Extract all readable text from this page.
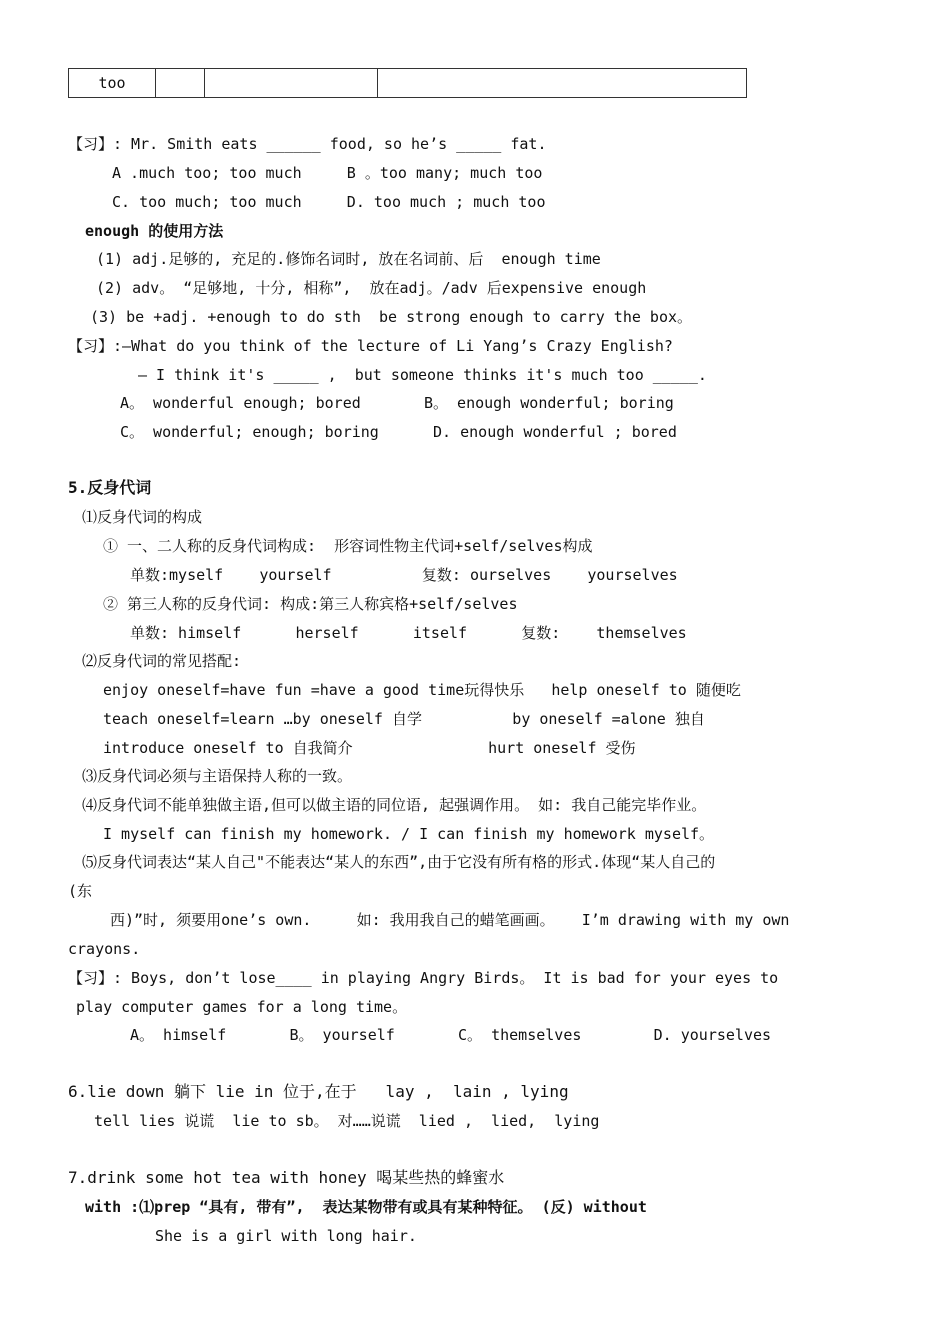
too			
【习】: Mr. Smith eats ______ food, so he’s _____ fat.
A .much too; too much     B 。too many; much too
C. too much; too much     D. too much ; much too
enough 的使用方法
(1) adj.足够的, 充足的.修饰名词时, 放在名词前、后  enough time
(2) adv。 “足够地, 十分, 相称”,  放在adj。/adv 后expensive enough
(3) be +adj. +enough to do sth  be strong enough to carry the box。
【习】:—What do you think of the lecture of Li Yang’s Crazy English?
— I think it's _____ ,  but someone thinks it's much too _____.
A。 wonderful enough; bored       B。 enough wonderful; boring
C。 wonderful; enough; boring      D. enough wonderful ; bored
5.反身代词
⑴反身代词的构成
① 一、二人称的反身代词构成:  形容词性物主代词+self/selves构成
单数:myself    yourself          复数: ourselves    yourselves
② 第三人称的反身代词: 构成:第三人称宾格+self/selves
单数: himself      herself      itself      复数:    themselves
⑵反身代词的常见搭配:
enjoy oneself=have fun =have a good time玩得快乐   help oneself to 随便吃
teach oneself=learn …by oneself 自学          by oneself =alone 独自
introduce oneself to 自我简介               hurt oneself 受伤
⑶反身代词必须与主语保持人称的一致。
⑷反身代词不能单独做主语,但可以做主语的同位语, 起强调作用。 如: 我自己能完毕作业。
I myself can finish my homework. / I can finish my homework myself。
⑸反身代词表达“某人自己"不能表达“某人的东西”,由于它没有所有格的形式.体现“某人自己的
(东
西)”时, 须要用one’s own.     如: 我用我自己的蜡笔画画。   I’m drawing with my own
crayons.
【习】: Boys, don’t lose____ in playing Angry Birds。 It is bad for your eyes to
play computer games for a long time。
A。 himself       B。 yourself       C。 themselves        D. yourselves
6.lie down 躺下 lie in 位于,在于   lay ,  lain , lying
tell lies 说谎  lie to sb。 对……说谎  lied ,  lied,  lying
7.drink some hot tea with honey 喝某些热的蜂蜜水
with :⑴prep “具有, 带有”,  表达某物带有或具有某种特征。 (反) without
She is a girl with long hair.
